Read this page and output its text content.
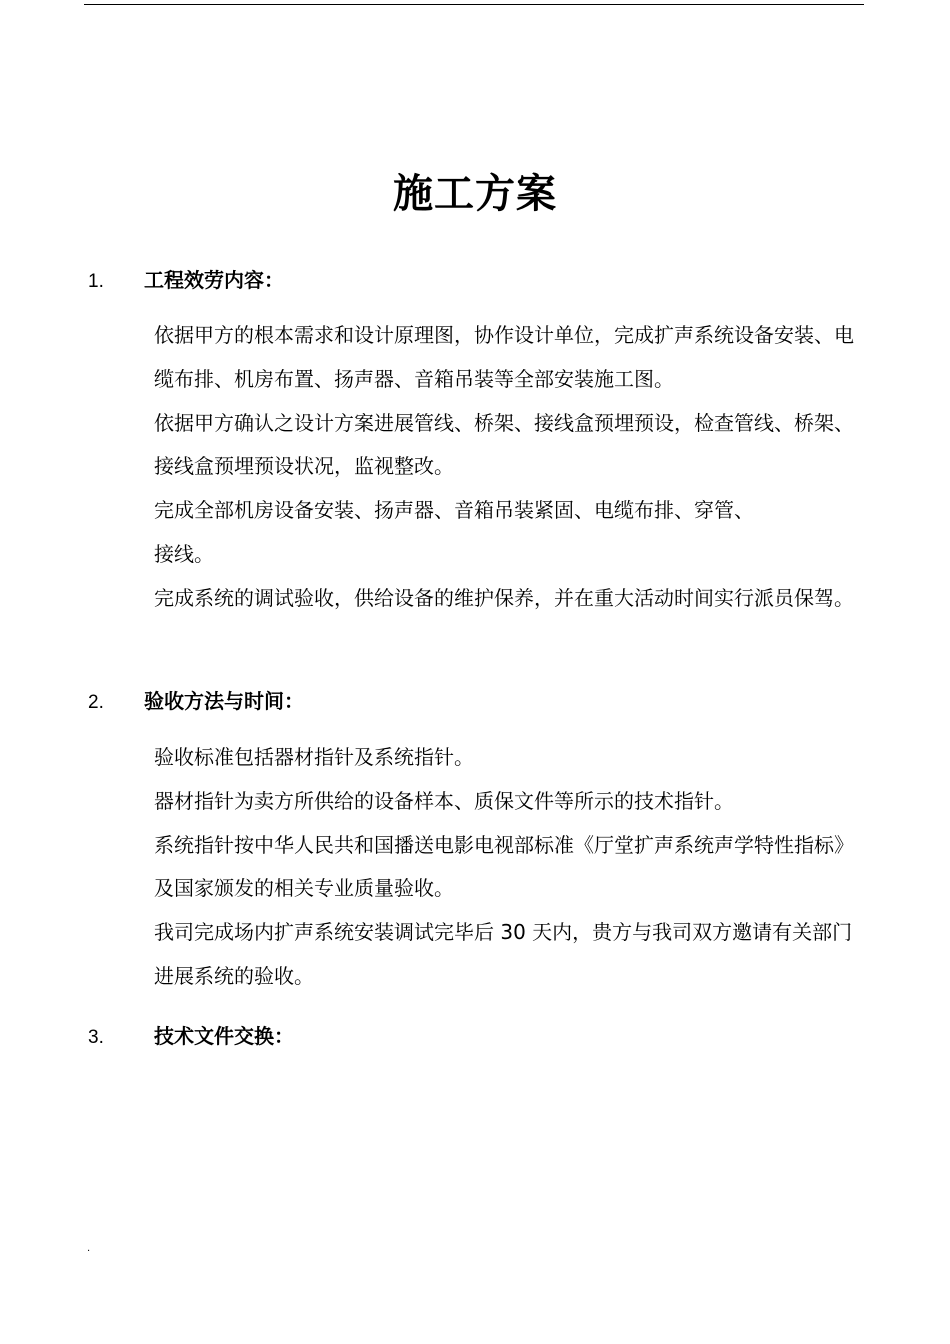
施工方案
1. 工程效劳内容：

依据甲方的根本需求和设计原理图，协作设计单位，完成扩声系统设备安装、电缆布排、机房布置、扬声器、音箱吊装等全部安装施工图。

依据甲方确认之设计方案进展管线、桥架、接线盒预埋预设，检查管线、桥架、接线盒预埋预设状况，监视整改。

完成全部机房设备安装、扬声器、音箱吊装紧固、电缆布排、穿管、
接线。

完成系统的调试验收，供给设备的维护保养，并在重大活动时间实行派员保驾。

2. 验收方法与时间：

验收标准包括器材指针及系统指针。

器材指针为卖方所供给的设备样本、质保文件等所示的技术指针。

系统指针按中华人民共和国播送电影电视部标准《厅堂扩声系统声学特性指标》及国家颁发的相关专业质量验收。

我司完成场内扩声系统安装调试完毕后 30 天内，贵方与我司双方邀请有关部门进展系统的验收。

3.	技术文件交换：
.
